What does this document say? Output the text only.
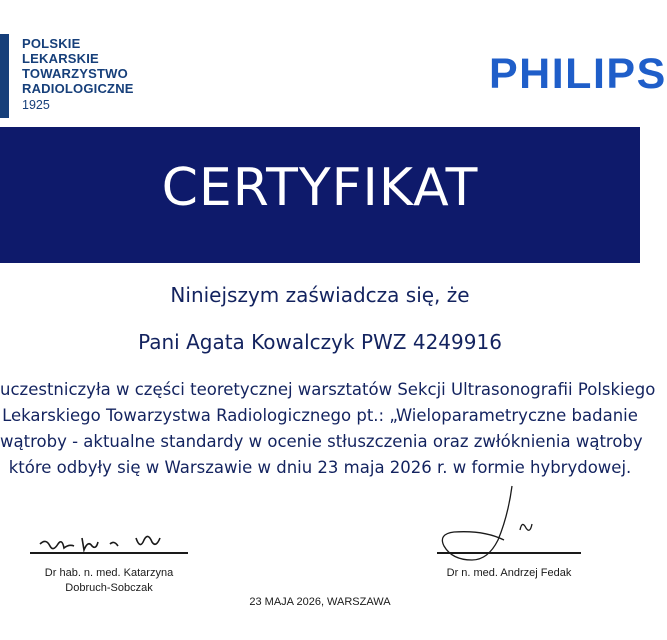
POLSKIE
LEKARSKIE
TOWARZYSTWO
RADIOLOGICZNE
1925
PHILIPS
CERTYFIKAT
Niniejszym zaświadcza się, że
Pani Agata Kowalczyk PWZ 4249916
uczestniczyła w części teoretycznej warsztatów Sekcji Ultrasonografii Polskiego
Lekarskiego Towarzystwa Radiologicznego pt.: „Wieloparametryczne badanie
wątroby - aktualne standardy w ocenie stłuszczenia oraz zwłóknienia wątroby
które odbyły się w Warszawie w dniu 23 maja 2026 r. w formie hybrydowej.
Dr hab. n. med. Katarzyna
Dobruch-Sobczak
Dr n. med. Andrzej Fedak
23 MAJA 2026, WARSZAWA
